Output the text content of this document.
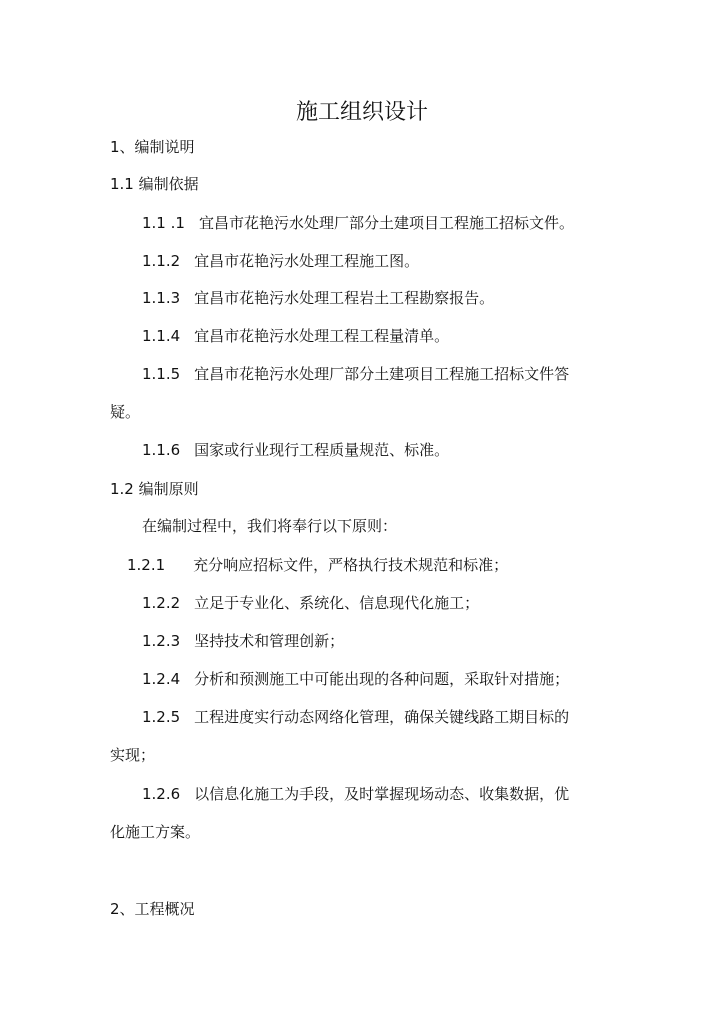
施工组织设计
1、编制说明
1.1 编制依据
1.1 .1 宜昌市花艳污水处理厂部分土建项目工程施工招标文件。
1.1.2 宜昌市花艳污水处理工程施工图。
1.1.3 宜昌市花艳污水处理工程岩土工程勘察报告。
1.1.4 宜昌市花艳污水处理工程工程量清单。
1.1.5 宜昌市花艳污水处理厂部分土建项目工程施工招标文件答
疑。
1.1.6 国家或行业现行工程质量规范、标准。
1.2 编制原则
在编制过程中，我们将奉行以下原则：
1.2.1 充分响应招标文件，严格执行技术规范和标准；
1.2.2 立足于专业化、系统化、信息现代化施工；
1.2.3 坚持技术和管理创新；
1.2.4 分析和预测施工中可能出现的各种问题，采取针对措施；
1.2.5 工程进度实行动态网络化管理，确保关键线路工期目标的
实现；
1.2.6 以信息化施工为手段，及时掌握现场动态、收集数据，优
化施工方案。
2、工程概况
